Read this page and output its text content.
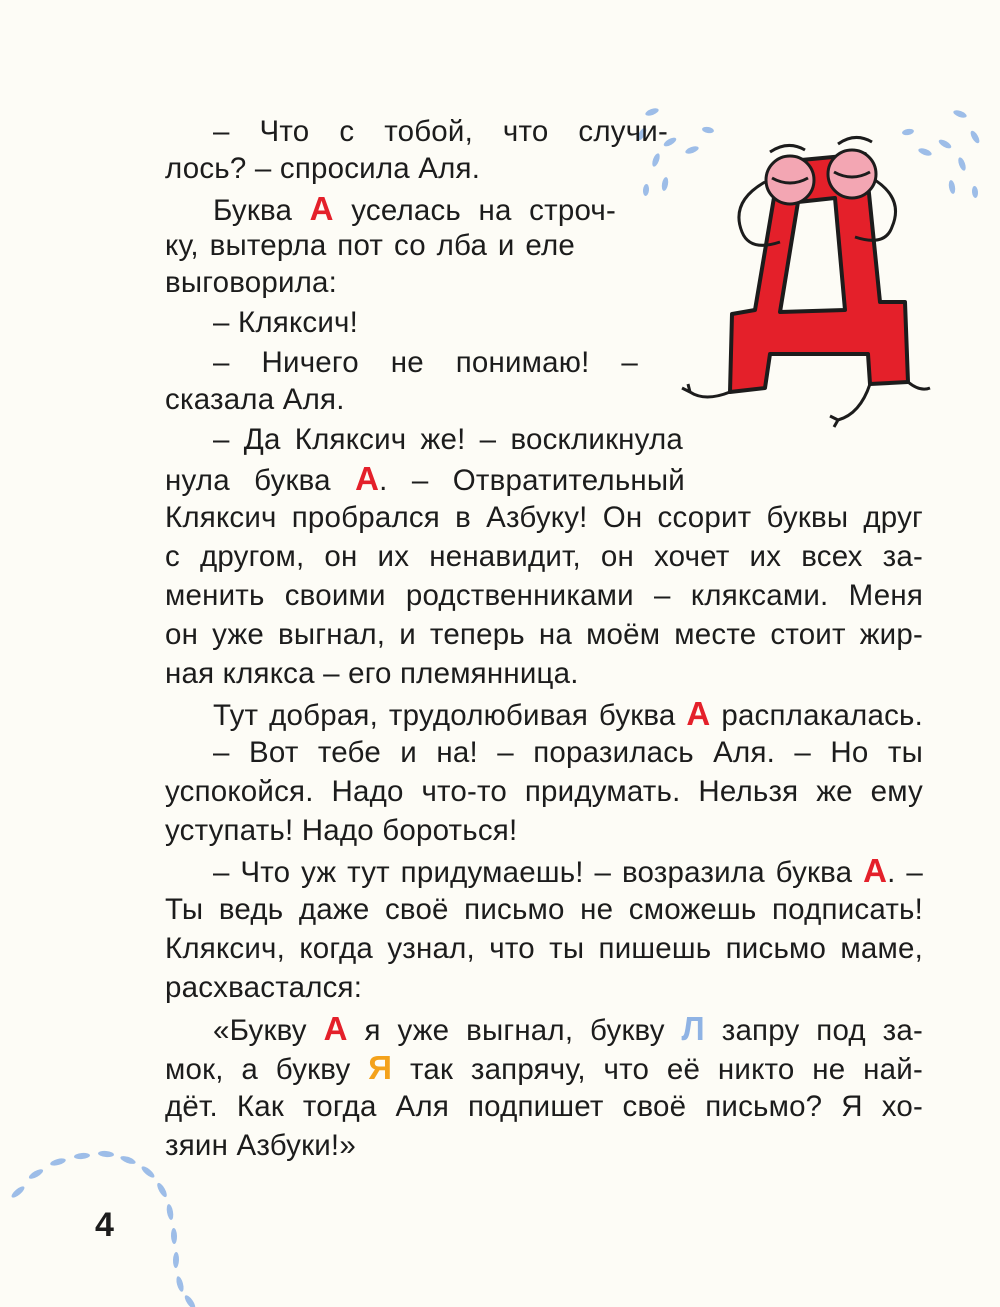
– Что с тобой, что случи-
лось? – спросила Аля.
Буква А уселась на строч-
ку, вытерла пот со лба и еле
выговорила:
– Кляксич!
– Ничего не понимаю! –
сказала Аля.
– Да Кляксич же! – воскликнула
нула буква А. – Отвратительный
Кляксич пробрался в Азбуку! Он ссорит буквы друг
с другом, он их ненавидит, он хочет их всех за-
менить своими родственниками – кляксами. Меня
он уже выгнал, и теперь на моём месте стоит жир-
ная клякса – его племянница.
Тут добрая, трудолюбивая буква А расплакалась.
– Вот тебе и на! – поразилась Аля. – Но ты
успокойся. Надо что-то придумать. Нельзя же ему
уступать! Надо бороться!
– Что уж тут придумаешь! – возразила буква А. –
Ты ведь даже своё письмо не сможешь подписать!
Кляксич, когда узнал, что ты пишешь письмо маме,
расхвастался:
«Букву А я уже выгнал, букву Л запру под за-
мок, а букву Я так запрячу, что её никто не най-
дёт. Как тогда Аля подпишет своё письмо? Я хо-
зяин Азбуки!»
4
